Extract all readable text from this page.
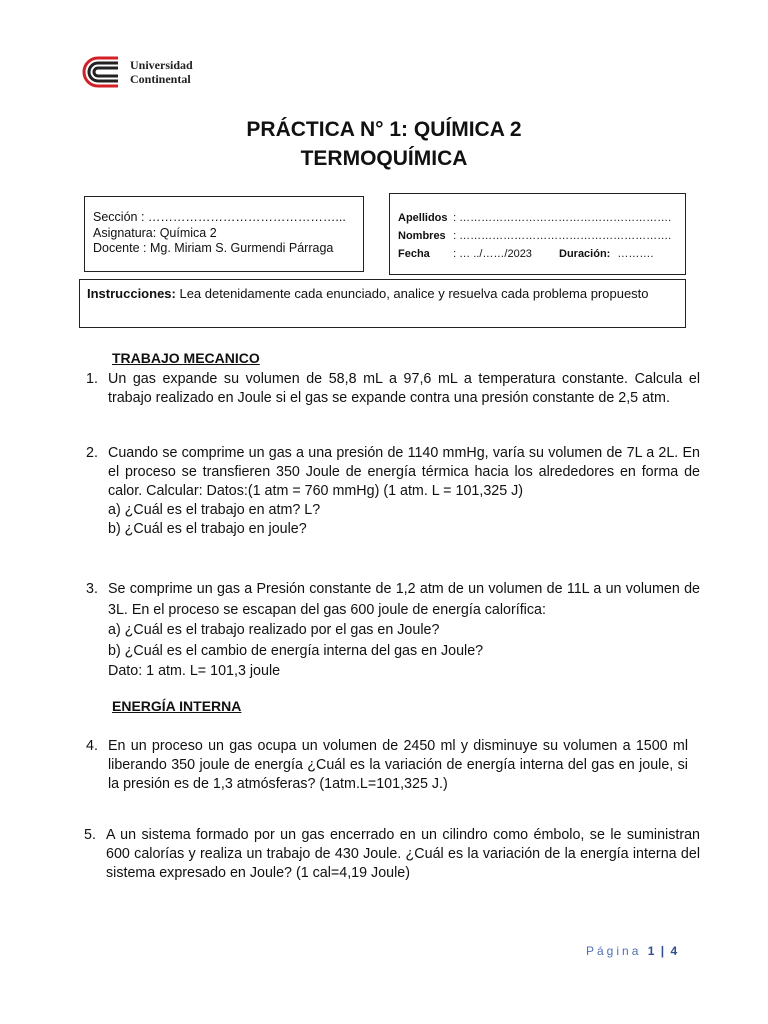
Universidad
Continental
PRÁCTICA N° 1: QUÍMICA 2
TERMOQUÍMICA
Sección : ………………………………………...
Asignatura: Química 2
Docente : Mg. Miriam S. Gurmendi Párraga
Apellidos : ………………………………………………….
Nombres : ………………………………………………….
Fecha : … ../……/2023 Duración: ……….
Instrucciones: Lea detenidamente cada enunciado, analice y resuelva cada problema propuesto
TRABAJO MECANICO
1. Un gas expande su volumen de 58,8 mL a 97,6 mL a temperatura constante. Calcula el trabajo realizado en Joule si el gas se expande contra una presión constante de 2,5 atm.
2. Cuando se comprime un gas a una presión de 1140 mmHg, varía su volumen de 7L a 2L. En el proceso se transfieren 350 Joule de energía térmica hacia los alrededores en forma de calor. Calcular: Datos:(1 atm = 760 mmHg) (1 atm. L = 101,325 J)
a) ¿Cuál es el trabajo en atm? L?
b) ¿Cuál es el trabajo en joule?
3. Se comprime un gas a Presión constante de 1,2 atm de un volumen de 11L a un volumen de 3L. En el proceso se escapan del gas 600 joule de energía calorífica:
a) ¿Cuál es el trabajo realizado por el gas en Joule?
b) ¿Cuál es el cambio de energía interna del gas en Joule?
Dato: 1 atm. L= 101,3 joule
ENERGÍA INTERNA
4. En un proceso un gas ocupa un volumen de 2450 ml y disminuye su volumen a 1500 ml liberando 350 joule de energía ¿Cuál es la variación de energía interna del gas en joule, si la presión es de 1,3 atmósferas? (1atm.L=101,325 J.)
5. A un sistema formado por un gas encerrado en un cilindro como émbolo, se le suministran 600 calorías y realiza un trabajo de 430 Joule. ¿Cuál es la variación de la energía interna del sistema expresado en Joule? (1 cal=4,19 Joule)
Página 1 | 4
